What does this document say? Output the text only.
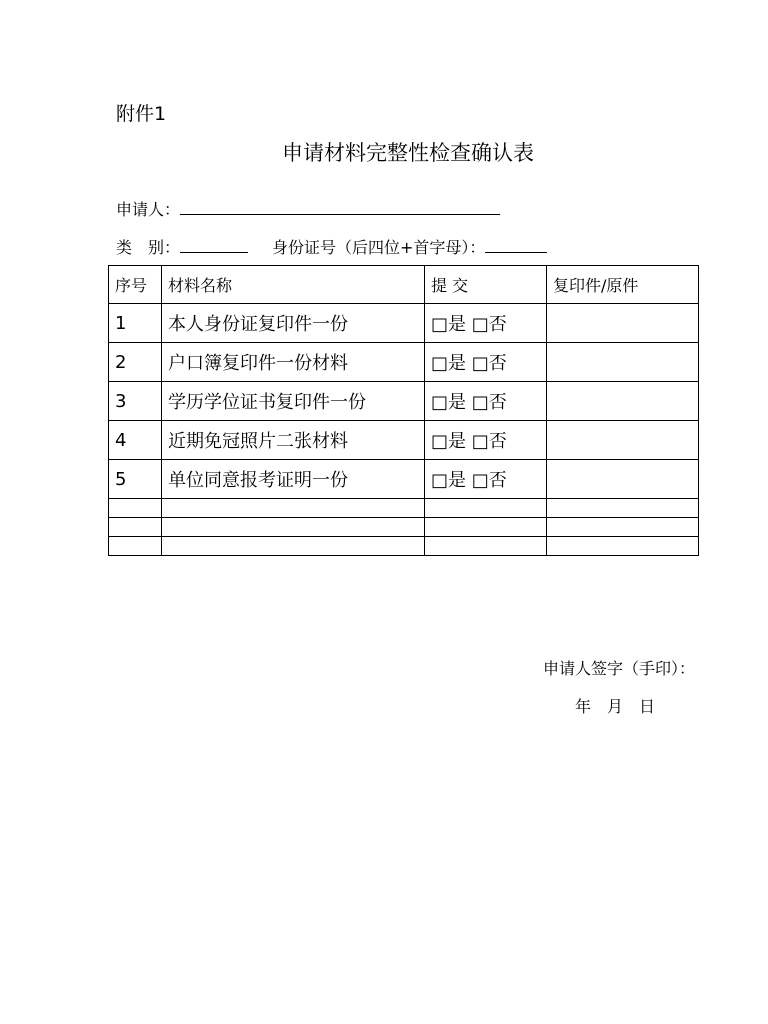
附件1
申请材料完整性检查确认表
申请人：
类　别：	身份证号（后四位+首字母）：
序号	材料名称	提 交	复印件/原件
1	本人身份证复印件一份	□是 □否	
2	户口簿复印件一份材料	□是 □否	
3	学历学位证书复印件一份	□是 □否	
4	近期免冠照片二张材料	□是 □否	
5	单位同意报考证明一份	□是 □否	

申请人签字（手印）：
年　月　日
